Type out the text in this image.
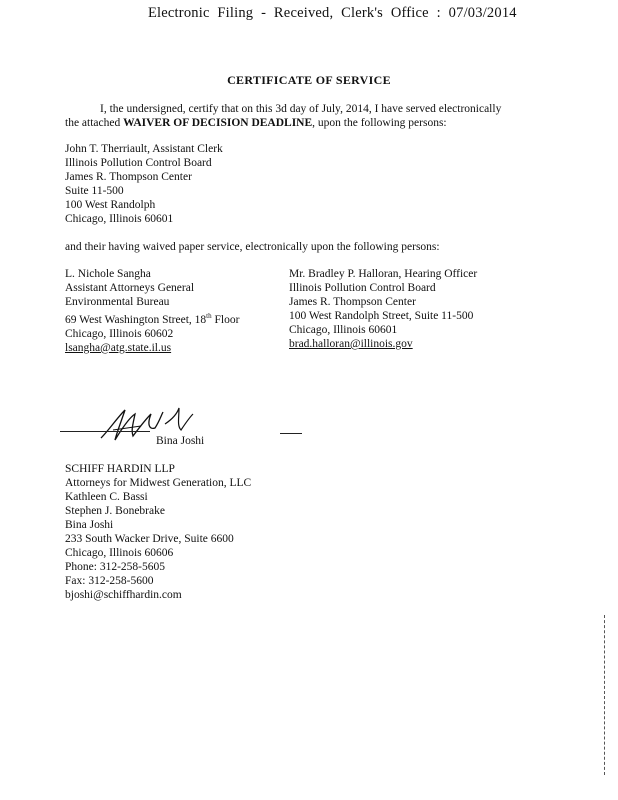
Electronic Filing - Received, Clerk's Office : 07/03/2014
CERTIFICATE OF SERVICE
I, the undersigned, certify that on this 3d day of July, 2014, I have served electronically
the attached WAIVER OF DECISION DEADLINE, upon the following persons:
John T. Therriault, Assistant Clerk
Illinois Pollution Control Board
James R. Thompson Center
Suite 11-500
100 West Randolph
Chicago, Illinois 60601
and their having waived paper service, electronically upon the following persons:
L. Nichole Sangha
Assistant Attorneys General
Environmental Bureau
69 West Washington Street, 18th Floor
Chicago, Illinois 60602
lsangha@atg.state.il.us
Mr. Bradley P. Halloran, Hearing Officer
Illinois Pollution Control Board
James R. Thompson Center
100 West Randolph Street, Suite 11-500
Chicago, Illinois 60601
brad.halloran@illinois.gov
Bina Joshi
SCHIFF HARDIN LLP
Attorneys for Midwest Generation, LLC
Kathleen C. Bassi
Stephen J. Bonebrake
Bina Joshi
233 South Wacker Drive, Suite 6600
Chicago, Illinois 60606
Phone: 312-258-5605
Fax: 312-258-5600
bjoshi@schiffhardin.com
